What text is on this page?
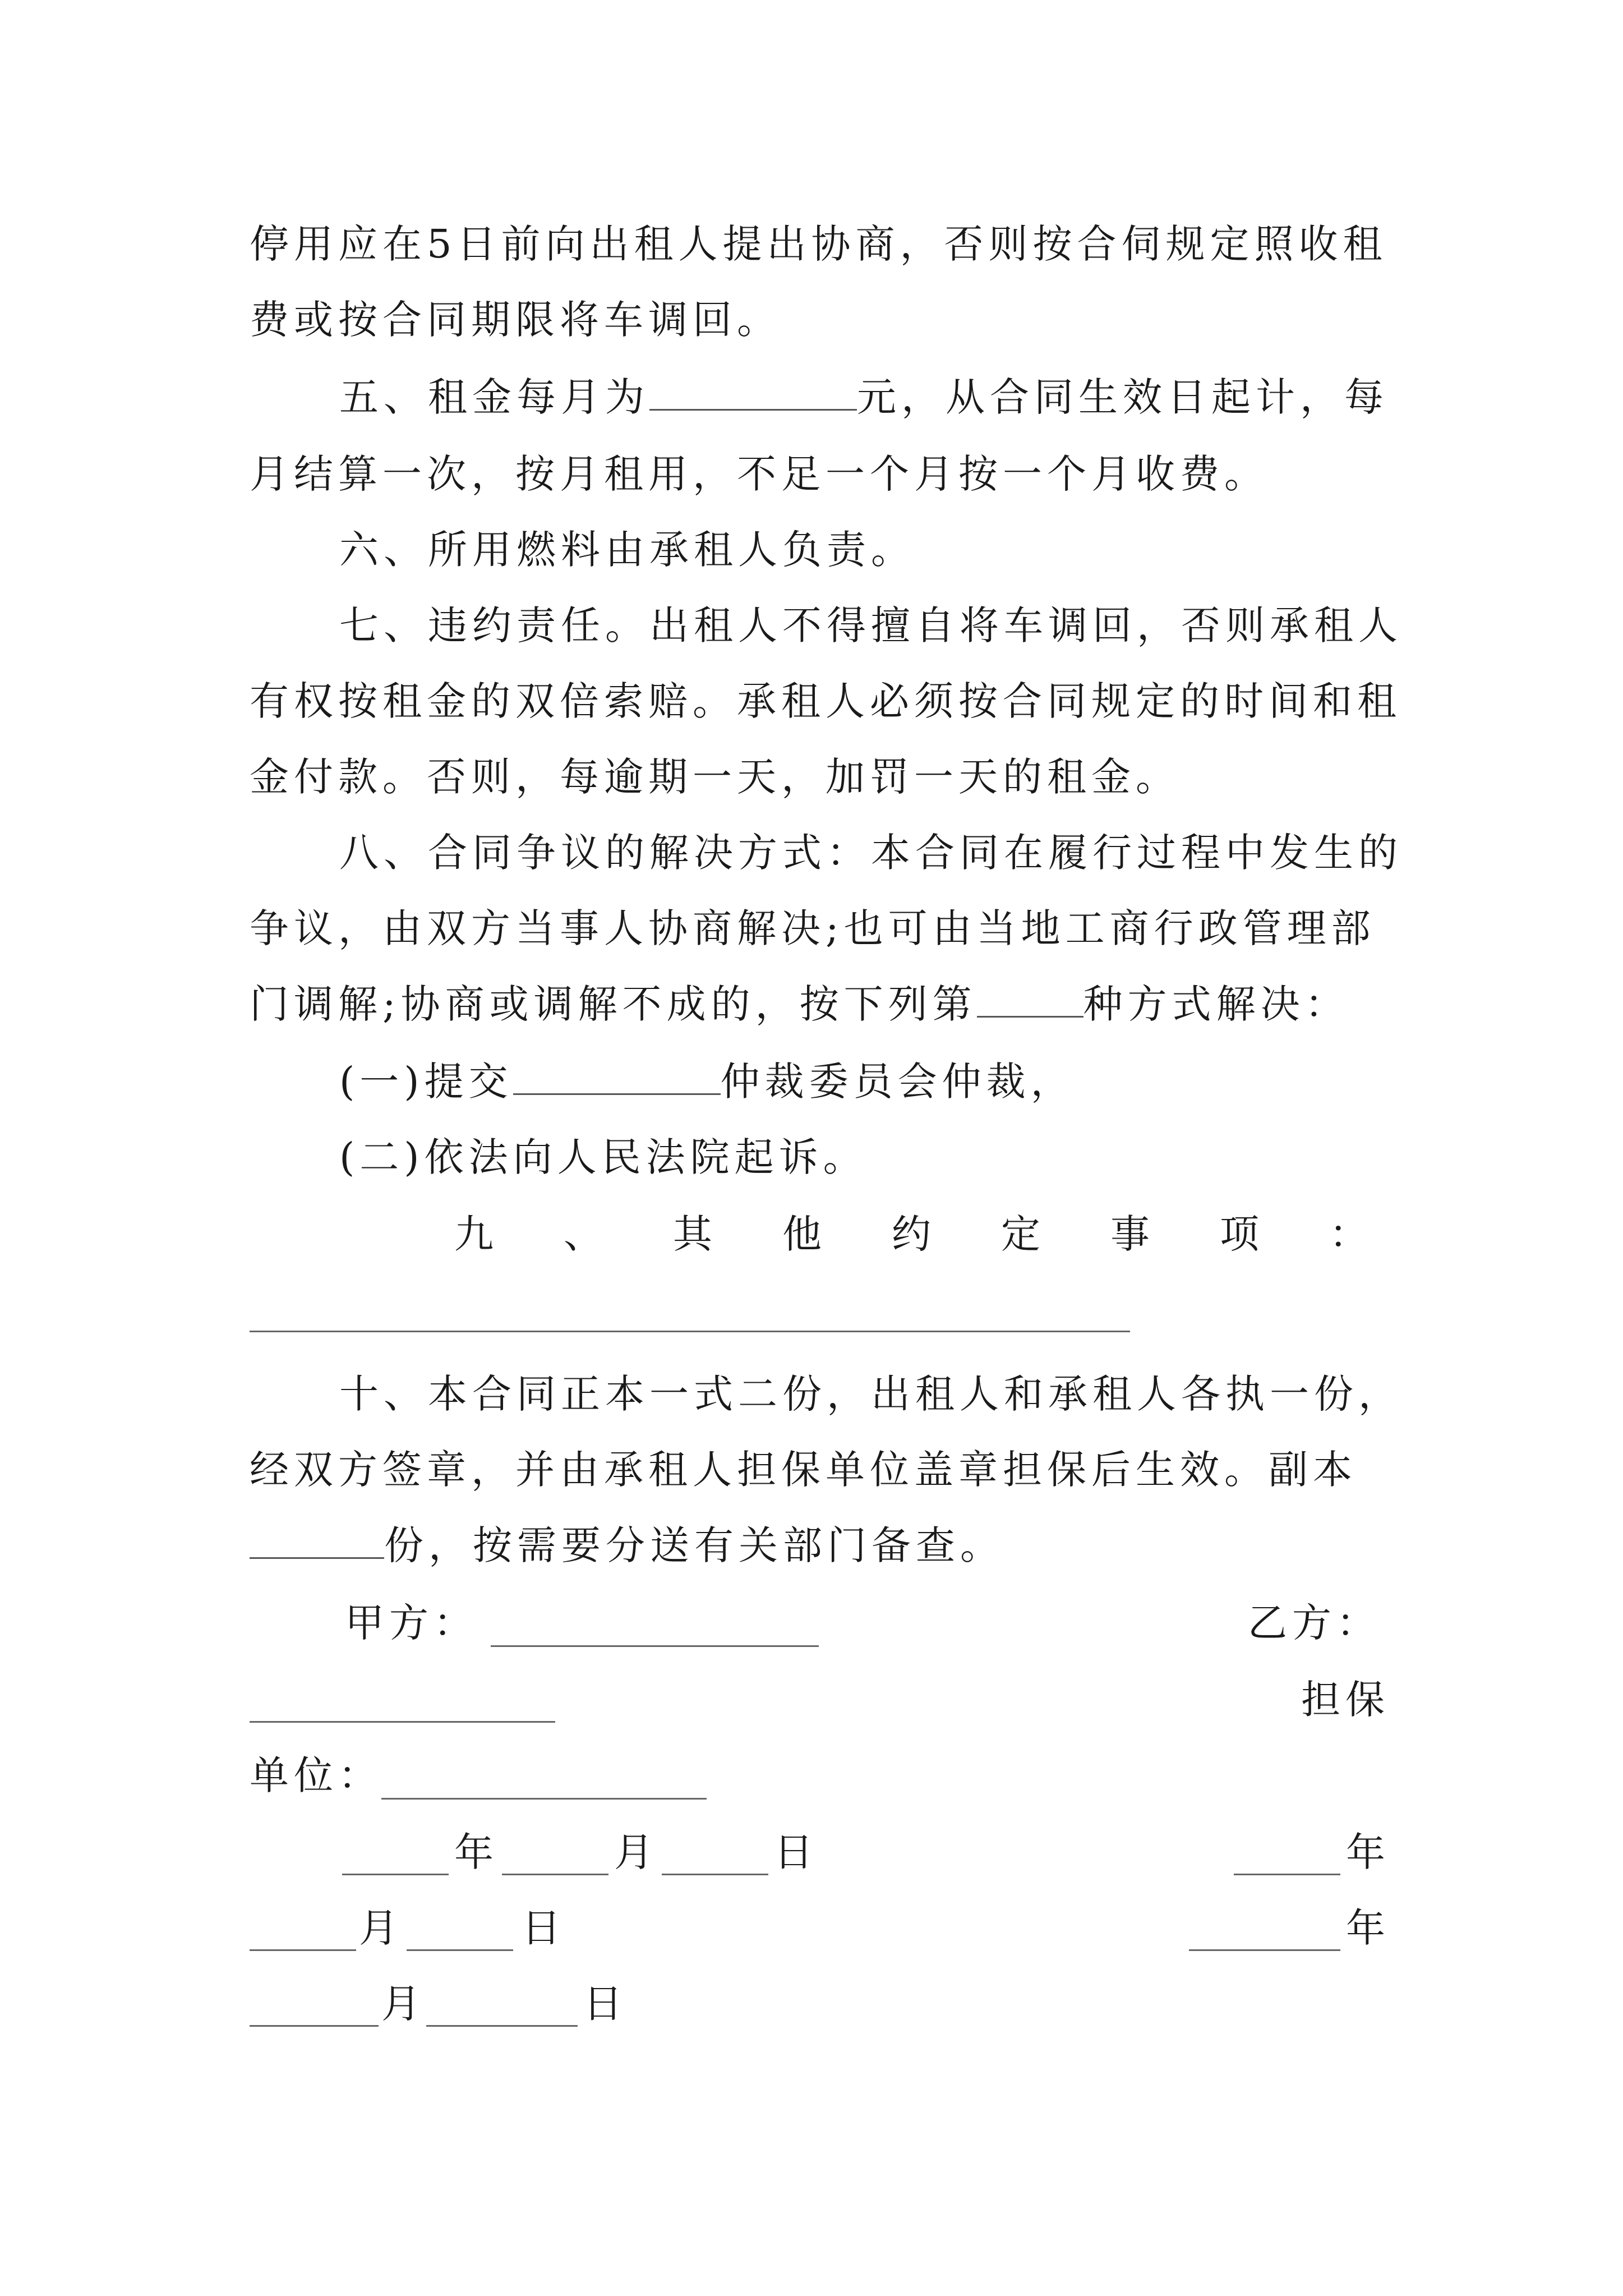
停用应在5日前向出租人提出协商，否则按合伺规定照收租
费或按合同期限将车调回。
五、租金每月为	元，从合同生效日起计，每
月结算一次，按月租用，不足一个月按一个月收费。
六、所用燃料由承租人负责。
七、违约责任。出租人不得擅自将车调回，否则承租人
有权按租金的双倍索赔。承租人必须按合同规定的时间和租
金付款。否则，每逾期一天，加罚一天的租金。
八、合同争议的解决方式：本合同在履行过程中发生的
争议，由双方当事人协商解决;也可由当地工商行政管理部
门调解;协商或调解不成的，按下列第	种方式解决：
(一)提交	仲裁委员会仲裁，
(二)依法向人民法院起诉。
九 、 其 他 约 定 事 项 ：
十、本合同正本一式二份，出租人和承租人各执一份，
经双方签章，并由承租人担保单位盖章担保后生效。副本
份，按需要分送有关部门备查。
甲方：	乙方：
担保
单位：
年	月	日	年
月	日	年
月	日
